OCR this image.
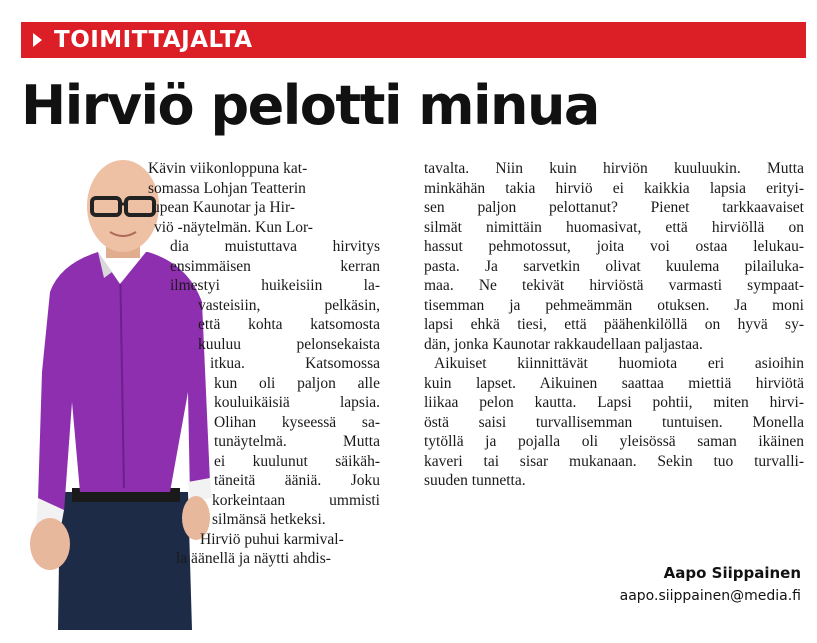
TOIMITTAJALTA
Hirviö pelotti minua

Kävin viikonloppuna kat-
somassa Lohjan Teatterin
upean Kaunotar ja Hir-
viö -näytelmän. Kun Lor-
dia muistuttava hirvitys
ensimmäisen kerran
ilmestyi huikeisiin la-
vasteisiin, pelkäsin,
että kohta katsomosta
kuuluu pelonsekaista
itkua. Katsomossa
kun oli paljon alle
kouluikäisiä lapsia.
Olihan kyseessä sa-
tunäytelmä. Mutta
ei kuulunut säikäh-
täneitä ääniä. Joku
korkeintaan ummisti
silmänsä hetkeksi.
Hirviö puhui karmival-
la äänellä ja näytti ahdis-

tavalta. Niin kuin hirviön kuuluukin. Mutta
minkähän takia hirviö ei kaikkia lapsia erityi-
sen paljon pelottanut? Pienet tarkkaavaiset
silmät nimittäin huomasivat, että hirviöllä on
hassut pehmotossut, joita voi ostaa lelukau-
pasta. Ja sarvetkin olivat kuulema pilailuka-
maa. Ne tekivät hirviöstä varmasti sympaat-
tisemman ja pehmeämmän otuksen. Ja moni
lapsi ehkä tiesi, että päähenkilöllä on hyvä sy-
dän, jonka Kaunotar rakkaudellaan paljastaa.
Aikuiset kiinnittävät huomiota eri asioihin
kuin lapset. Aikuinen saattaa miettiä hirviötä
liikaa pelon kautta. Lapsi pohtii, miten hirvi-
östä saisi turvallisemman tuntuisen. Monella
tytöllä ja pojalla oli yleisössä saman ikäinen
kaveri tai sisar mukanaan. Sekin tuo turvalli-
suuden tunnetta.

Aapo Siippainen
aapo.siippainen@media.fi
